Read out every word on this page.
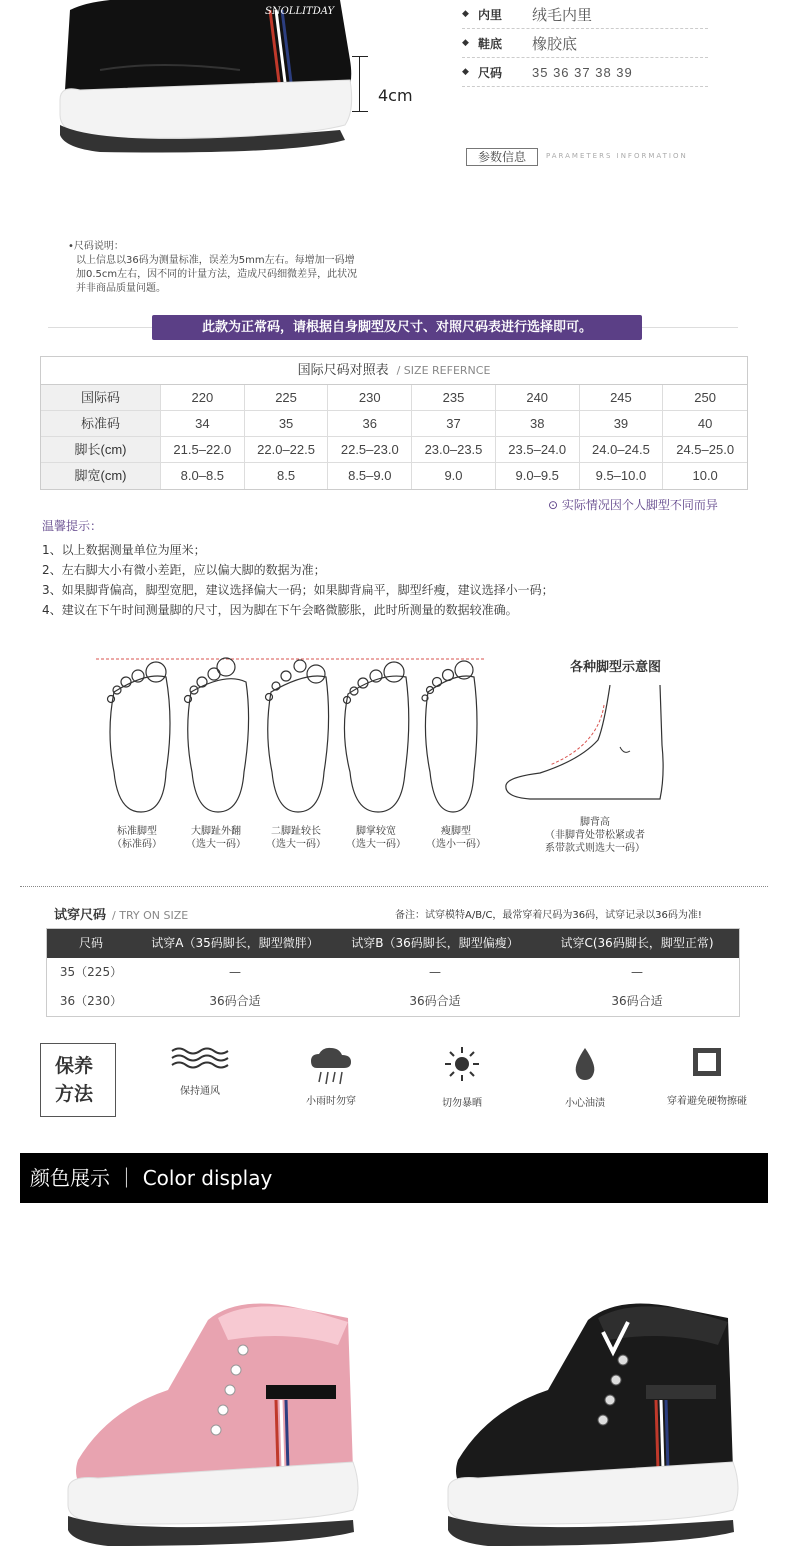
SNOLLITDAY
4cm
◆ 内里	绒毛内里
◆ 鞋底	橡胶底
◆ 尺码	35 36 37 38 39
参数信息	PARAMETERS INFORMATION
•尺码说明：
以上信息以36码为测量标准，误差为5mm左右。每增加一码增
加0.5cm左右，因不同的计量方法，造成尺码细微差异，此状况
并非商品质量问题。
此款为正常码，请根据自身脚型及尺寸、对照尺码表进行选择即可。
国际尺码对照表 / SIZE REFERNCE
国际码	220	225	230	235	240	245	250
标准码	34	35	36	37	38	39	40
脚长(cm)	21.5–22.0	22.0–22.5	22.5–23.0	23.0–23.5	23.5–24.0	24.0–24.5	24.5–25.0
脚宽(cm)	8.0–8.5	8.5	8.5–9.0	9.0	9.0–9.5	9.5–10.0	10.0
⊙ 实际情况因个人脚型不同而异
温馨提示：
1、以上数据测量单位为厘米；
2、左右脚大小有微小差距，应以偏大脚的数据为准；
3、如果脚背偏高，脚型宽肥，建议选择偏大一码；如果脚背扁平，脚型纤瘦，建议选择小一码；
4、建议在下午时间测量脚的尺寸，因为脚在下午会略微膨胀，此时所测量的数据较准确。
标准脚型
（标准码）
大脚趾外翻
（选大一码）
二脚趾较长
（选大一码）
脚掌较宽
（选大一码）
瘦脚型
（选小一码）
各种脚型示意图
脚背高
（非脚背处带松紧或者
系带款式则选大一码）
试穿尺码 / TRY ON SIZE	备注：试穿模特A/B/C，最常穿着尺码为36码，试穿记录以36码为准!
尺码	试穿A（35码脚长，脚型微胖）	试穿B（36码脚长，脚型偏瘦）	试穿C(36码脚长，脚型正常)
35（225）	—	—	—
36（230）	36码合适	36码合适	36码合适
保养
方法	保持通风
小雨时勿穿	切勿暴晒	小心油渍	穿着避免硬物擦碰
颜色展示 ｜ Color display
